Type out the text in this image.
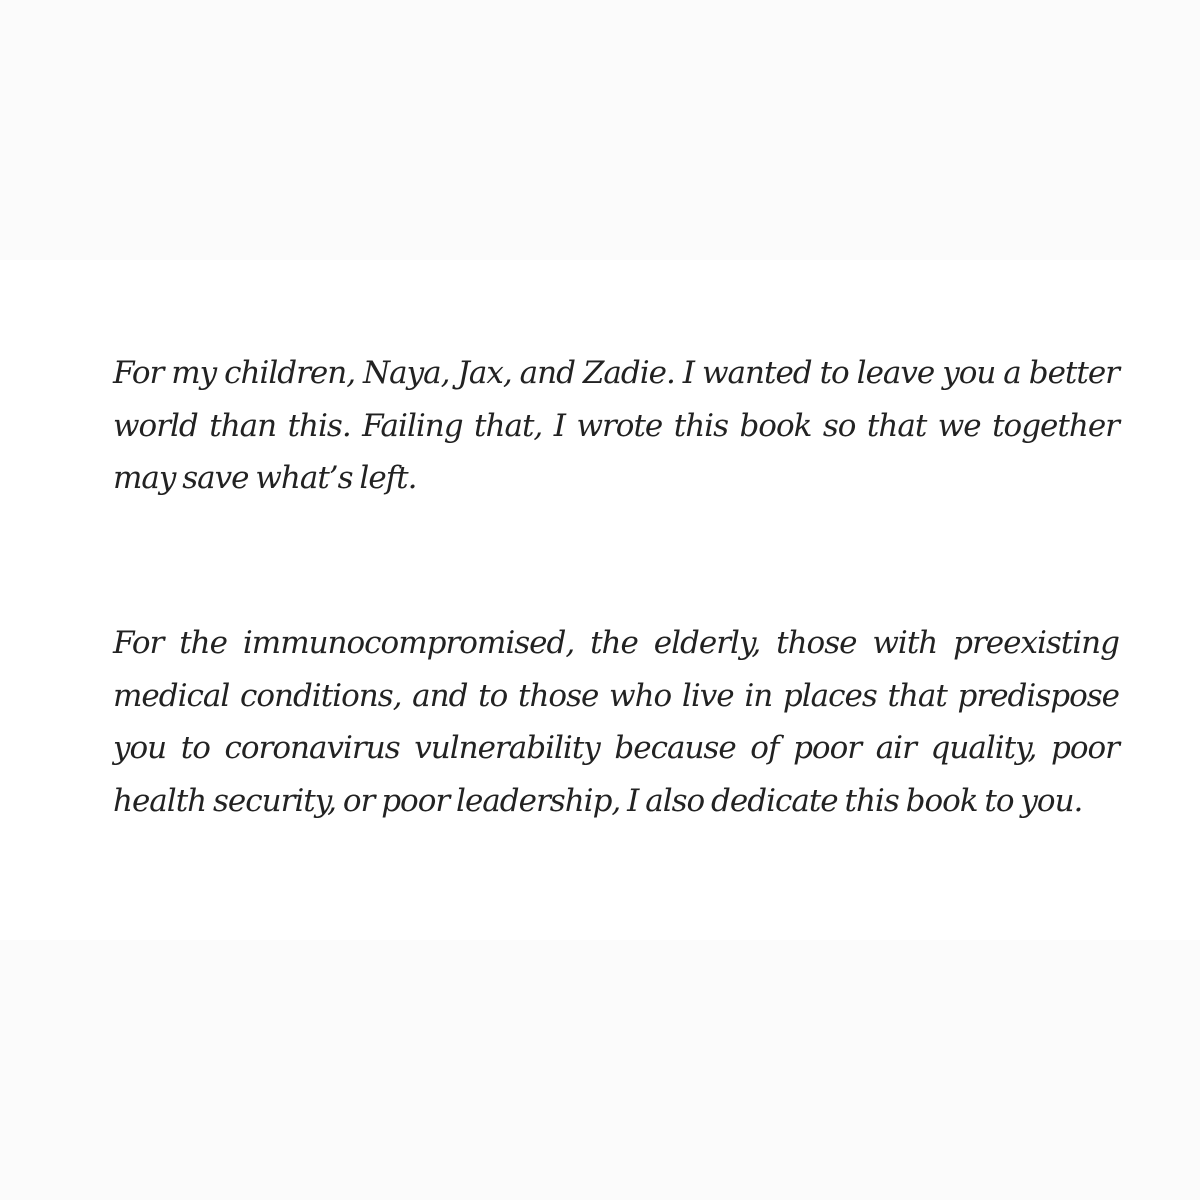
For my children, Naya, Jax, and Zadie. I wanted to leave you a better world than this. Failing that, I wrote this book so that we together may save what’s left.

For the immunocompromised, the elderly, those with preexisting medical conditions, and to those who live in places that predispose you to coronavirus vulnerability because of poor air quality, poor health security, or poor leadership, I also dedicate this book to you.
